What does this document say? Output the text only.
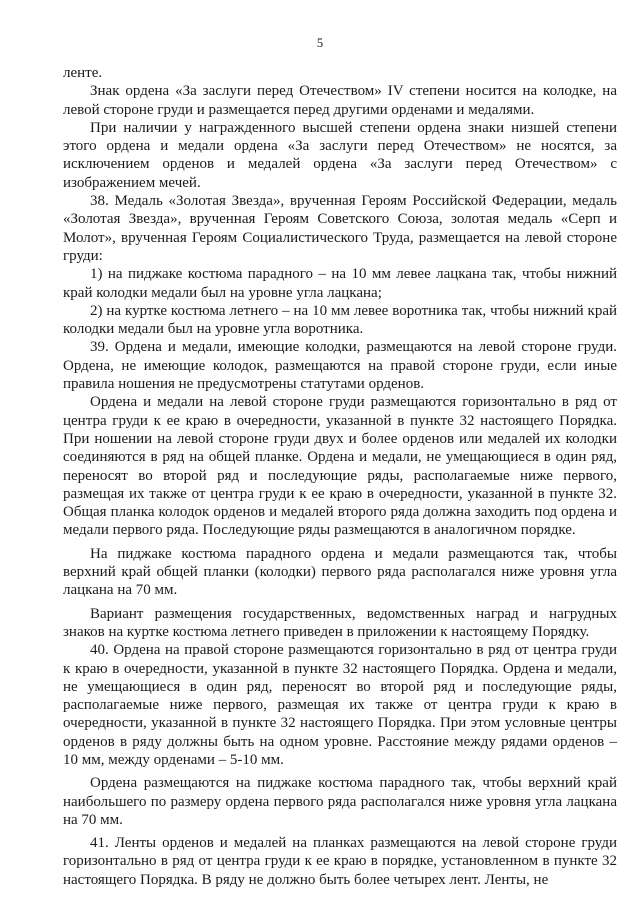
5

ленте.

Знак ордена «За заслуги перед Отечеством» IV степени носится на колодке, на левой стороне груди и размещается перед другими орденами и медалями.

При наличии у награжденного высшей степени ордена знаки низшей степени этого ордена и медали ордена «За заслуги перед Отечеством» не носятся, за исключением орденов и медалей ордена «За заслуги перед Отечеством» с изображением мечей.

38. Медаль «Золотая Звезда», врученная Героям Российской Федерации, медаль «Золотая Звезда», врученная Героям Советского Союза, золотая медаль «Серп и Молот», врученная Героям Социалистического Труда, размещается на левой стороне груди:

1) на пиджаке костюма парадного – на 10 мм левее лацкана так, чтобы нижний край колодки медали был на уровне угла лацкана;

2) на куртке костюма летнего – на 10 мм левее воротника так, чтобы нижний край колодки медали был на уровне угла воротника.

39. Ордена и медали, имеющие колодки, размещаются на левой стороне груди. Ордена, не имеющие колодок, размещаются на правой стороне груди, если иные правила ношения не предусмотрены статутами орденов.

Ордена и медали на левой стороне груди размещаются горизонтально в ряд от центра груди к ее краю в очередности, указанной в пункте 32 настоящего Порядка. При ношении на левой стороне груди двух и более орденов или медалей их колодки соединяются в ряд на общей планке. Ордена и медали, не умещающиеся в один ряд, переносят во второй ряд и последующие ряды, располагаемые ниже первого, размещая их также от центра груди к ее краю в очередности, указанной в пункте 32. Общая планка колодок орденов и медалей второго ряда должна заходить под ордена и медали первого ряда. Последующие ряды размещаются в аналогичном порядке.

На пиджаке костюма парадного ордена и медали размещаются так, чтобы верхний край общей планки (колодки) первого ряда располагался ниже уровня угла лацкана на 70 мм.

Вариант размещения государственных, ведомственных наград и нагрудных знаков на куртке костюма летнего приведен в приложении к настоящему Порядку.

40. Ордена на правой стороне размещаются горизонтально в ряд от центра груди к краю в очередности, указанной в пункте 32 настоящего Порядка. Ордена и медали, не умещающиеся в один ряд, переносят во второй ряд и последующие ряды, располагаемые ниже первого, размещая их также от центра груди к краю в очередности, указанной в пункте 32 настоящего Порядка. При этом условные центры орденов в ряду должны быть на одном уровне. Расстояние между рядами орденов – 10 мм, между орденами – 5-10 мм.

Ордена размещаются на пиджаке костюма парадного так, чтобы верхний край наибольшего по размеру ордена первого ряда располагался ниже уровня угла лацкана на 70 мм.

41. Ленты орденов и медалей на планках размещаются на левой стороне груди горизонтально в ряд от центра груди к ее краю в порядке, установленном в пункте 32 настоящего Порядка. В ряду не должно быть более четырех лент. Ленты, не
